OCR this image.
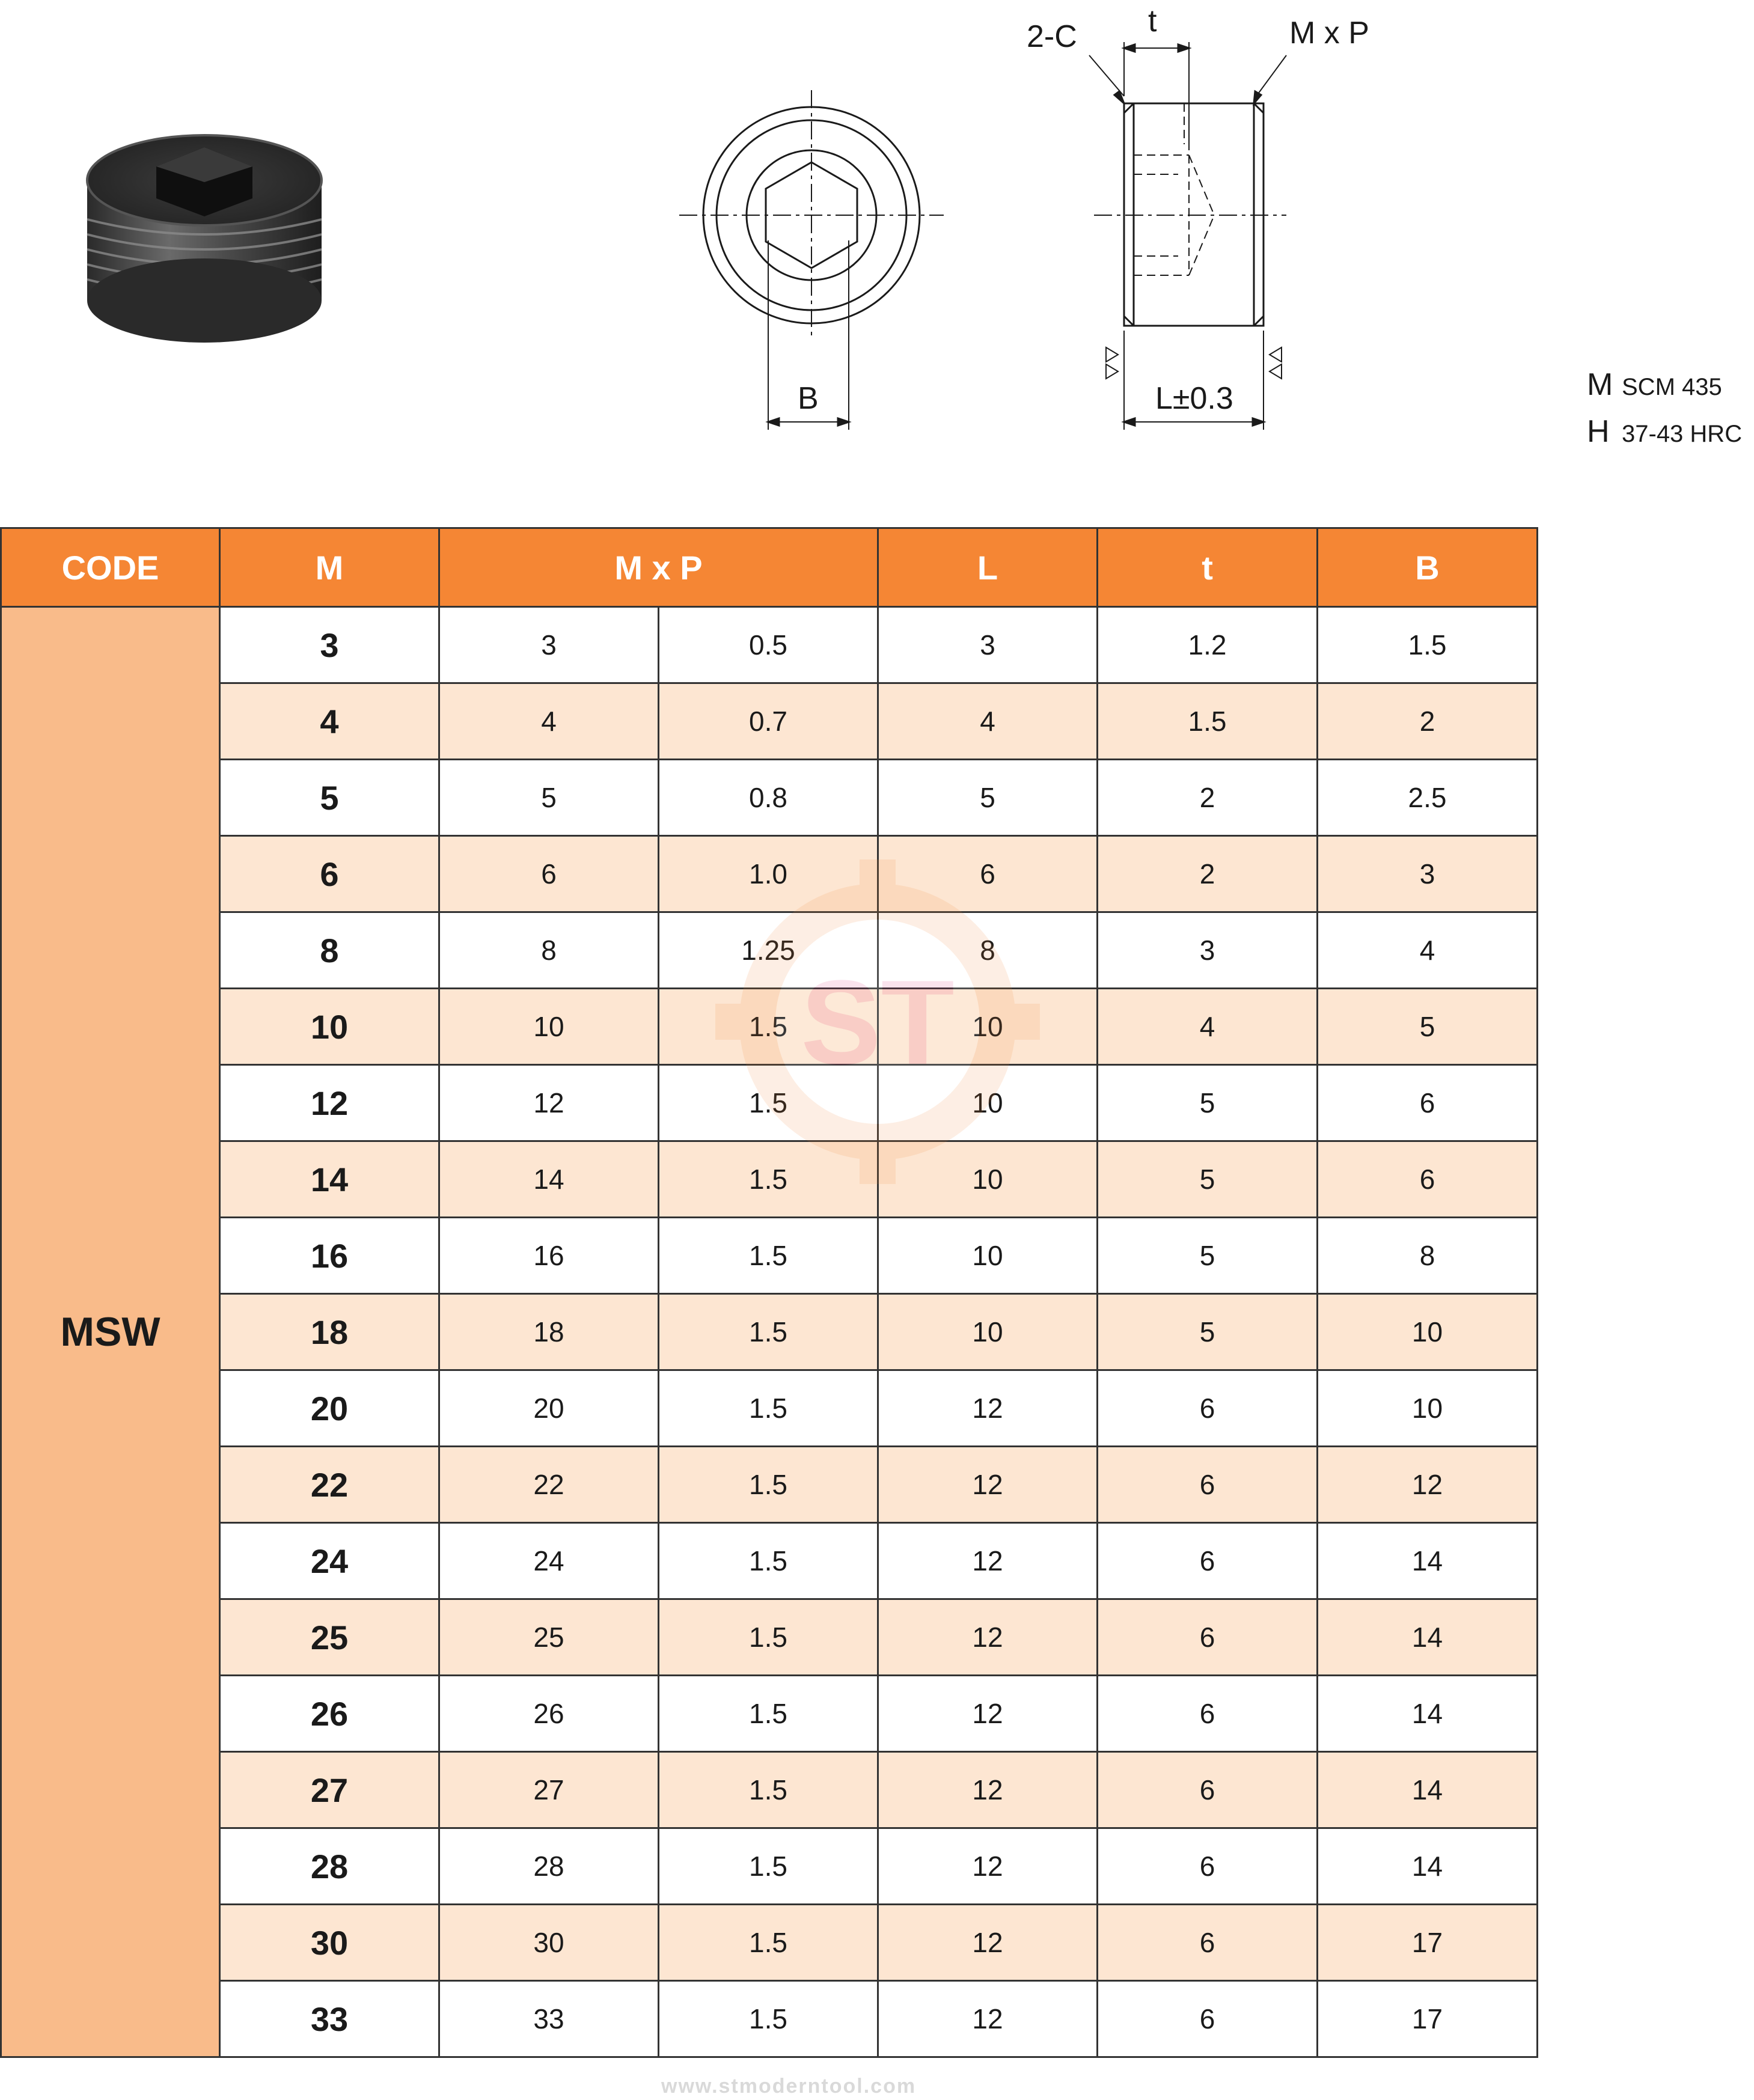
2-C t	M x P
B	L±0.3	M SCM 435
H 37-43 HRC
CODE	M	M x P		L	t	B
MSW	3	3	0.5	3	1.2	1.5
	4	4	0.7	4	1.5	2
	5	5	0.8	5	2	2.5
	6	6	1.0	6	2	3
	8	8	1.25	8	3	4
	10	10	1.5	10	4	5
	12	12	1.5	10	5	6
	14	14	1.5	10	5	6
	16	16	1.5	10	5	8
	18	18	1.5	10	5	10
	20	20	1.5	12	6	10
	22	22	1.5	12	6	12
	24	24	1.5	12	6	14
	25	25	1.5	12	6	14
	26	26	1.5	12	6	14
	27	27	1.5	12	6	14
	28	28	1.5	12	6	14
	30	30	1.5	12	6	17
	33	33	1.5	12	6	17
www.stmoderntool.com
